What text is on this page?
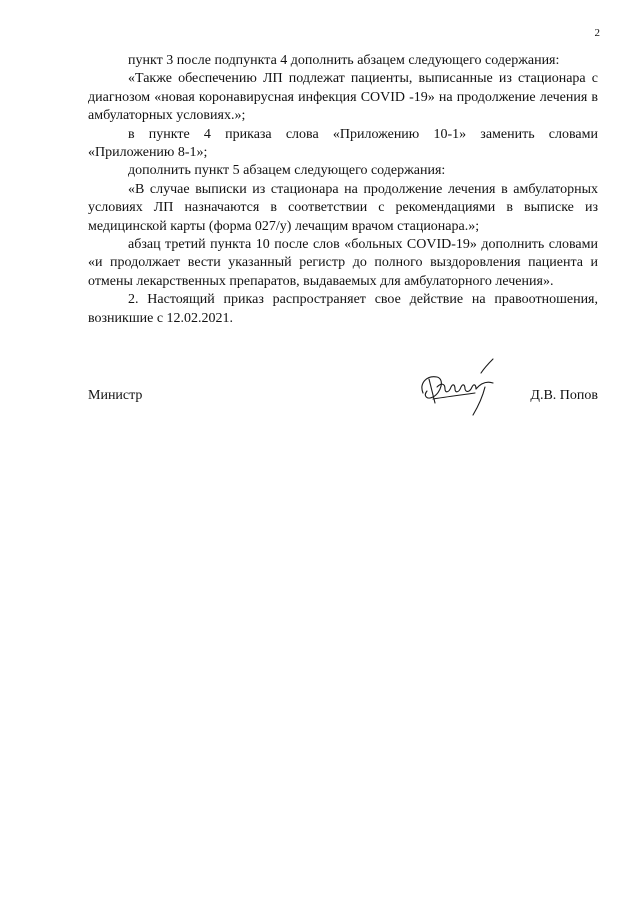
2

пункт 3 после подпункта 4 дополнить абзацем следующего содержания:

«Также обеспечению ЛП подлежат пациенты, выписанные из стационара с диагнозом «новая коронавирусная инфекция COVID -19» на продолжение лечения в амбулаторных условиях.»;

в пункте 4 приказа слова «Приложению 10-1» заменить словами «Приложению 8-1»;

дополнить пункт 5 абзацем следующего содержания:

«В случае выписки из стационара на продолжение лечения в амбулаторных условиях ЛП назначаются в соответствии с рекомендациями в выписке из медицинской карты (форма 027/у) лечащим врачом стационара.»;

абзац третий пункта 10 после слов «больных COVID-19» дополнить словами «и продолжает вести указанный регистр до полного выздоровления пациента и отмены лекарственных препаратов, выдаваемых для амбулаторного лечения».

2. Настоящий приказ распространяет свое действие на правоотношения, возникшие с 12.02.2021.

Министр	Д.В. Попов
